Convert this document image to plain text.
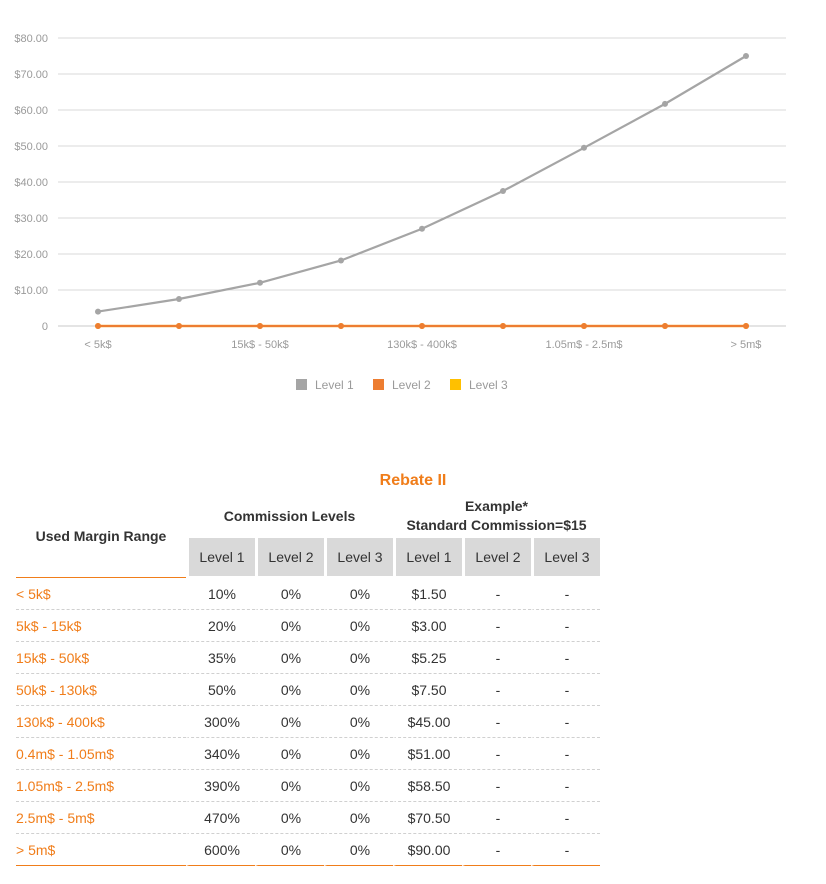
0
$10.00
$20.00
$30.00
$40.00
$50.00
$60.00
$70.00
$80.00
< 5k$	15k$ - 50k$	130k$ - 400k$	1.05m$ - 2.5m$	> 5m$
Level 1	Level 2	Level 3
Rebate II
Used Margin Range	Commission Levels			Example*
Standard Commission=$15		

	Level 1	Level 2	Level 3	Level 1	Level 2	Level 3
< 5k$	10%	0%	0%	$1.50	-	-
5k$ - 15k$	20%	0%	0%	$3.00	-	-
15k$ - 50k$	35%	0%	0%	$5.25	-	-
50k$ - 130k$	50%	0%	0%	$7.50	-	-
130k$ - 400k$	300%	0%	0%	$45.00	-	-
0.4m$ - 1.05m$	340%	0%	0%	$51.00	-	-
1.05m$ - 2.5m$	390%	0%	0%	$58.50	-	-
2.5m$ - 5m$	470%	0%	0%	$70.50	-	-
> 5m$	600%	0%	0%	$90.00	-	-
